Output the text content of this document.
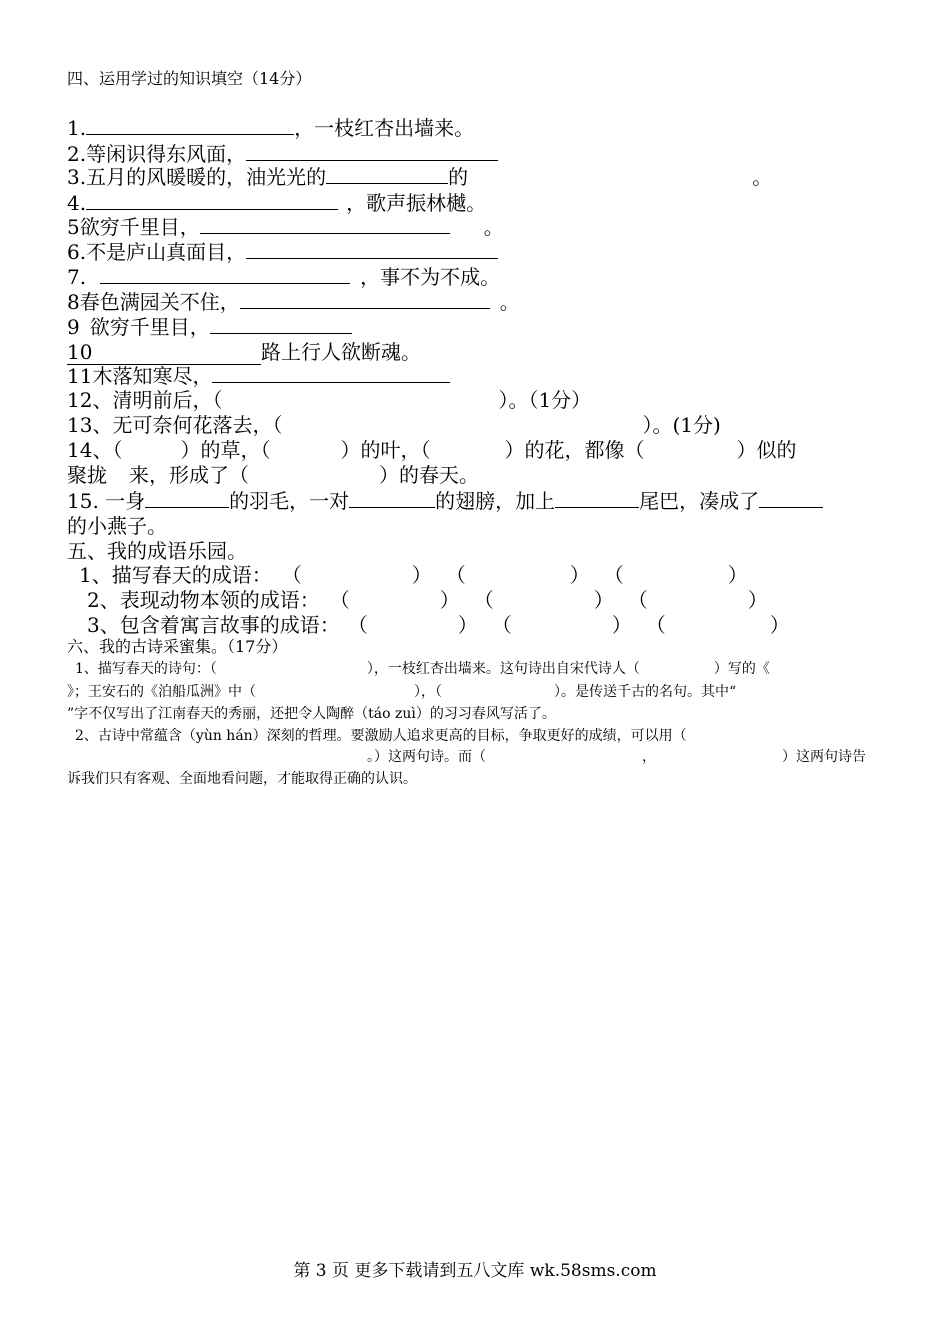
四、运用学过的知识填空（14分）
1.	，一枝红杏出墙来。
2.等闲识得东风面，
3.五月的风暖暖的，油光光的	的	。
4.	，歌声振林樾。
5欲穷千里目，	。
6.不是庐山真面目，
7.	，事不为不成。
8春色满园关不住，	。
9 欲穷千里目，
10	路上行人欲断魂。
11木落知寒尽，
12、清明前后，（	）。（1分）
13、无可奈何花落去，（	）。(1分)
14、（	）的草，（	）的叶，（	）的花，都像（	）似的
聚拢 来，形成了（	）的春天。
15. 一身	的羽毛，一对	的翅膀，加上	尾巴，凑成了
的小燕子。
五、我的成语乐园。
1、描写春天的成语： （	） （	） （	）
2、表现动物本领的成语： （	） （	） （	）
3、包含着寓言故事的成语： （	） （	） （	）
六、我的古诗采蜜集。（17分）
1、描写春天的诗句：（	），一枝红杏出墙来。这句诗出自宋代诗人（	）写的《
》；王安石的《泊船瓜洲》中（	），（	）。是传送千古的名句。其中“
”字不仅写出了江南春天的秀丽，还把令人陶醉（táo zuì）的习习春风写活了。
2、古诗中常蕴含（yùn hán）深刻的哲理。要激励人追求更高的目标，争取更好的成绩，可以用（
。）这两句诗。而（	，	）这两句诗告
诉我们只有客观、全面地看问题，才能取得正确的认识。
第 3 页 更多下载请到五八文库 wk.58sms.com
